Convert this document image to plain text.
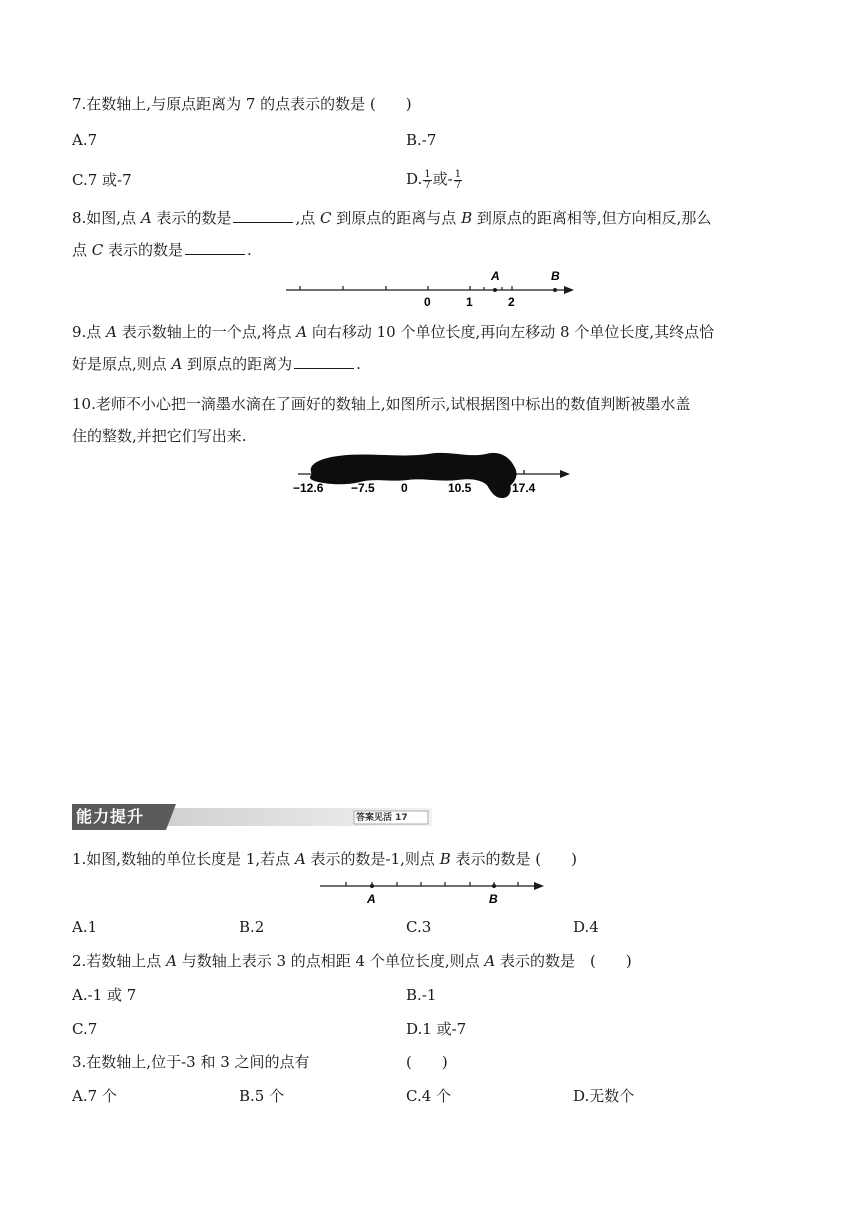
7.在数轴上,与原点距离为 7 的点表示的数是 (　　)
A.7	B.-7
C.7 或-7	D. $\frac{1}{7}$ 或- $\frac{1}{7}$
8.如图,点 A 表示的数是	,点 C 到原点的距离与点 B 到原点的距离相等,但方向相反,那么
点 C 表示的数是	.
A	B
0	1	2
9.点 A 表示数轴上的一个点,将点 A 向右移动 10 个单位长度,再向左移动 8 个单位长度,其终点恰
好是原点,则点 A 到原点的距离为	.
10.老师不小心把一滴墨水滴在了画好的数轴上,如图所示,试根据图中标出的数值判断被墨水盖
住的整数,并把它们写出来.
−12.6 −7.5 0	10.5	17.4
能力提升	答案见活 17
1.如图,数轴的单位长度是 1,若点 A 表示的数是-1,则点 B 表示的数是 (　　)
A	B
A.1	B.2	C.3	D.4
2.若数轴上点 A 与数轴上表示 3 的点相距 4 个单位长度,则点 A 表示的数是　(　　)
A.-1 或 7	B.-1
C.7	D.1 或-7
3.在数轴上,位于-3 和 3 之间的点有	(　　)
A.7 个	B.5 个	C.4 个	D.无数个
